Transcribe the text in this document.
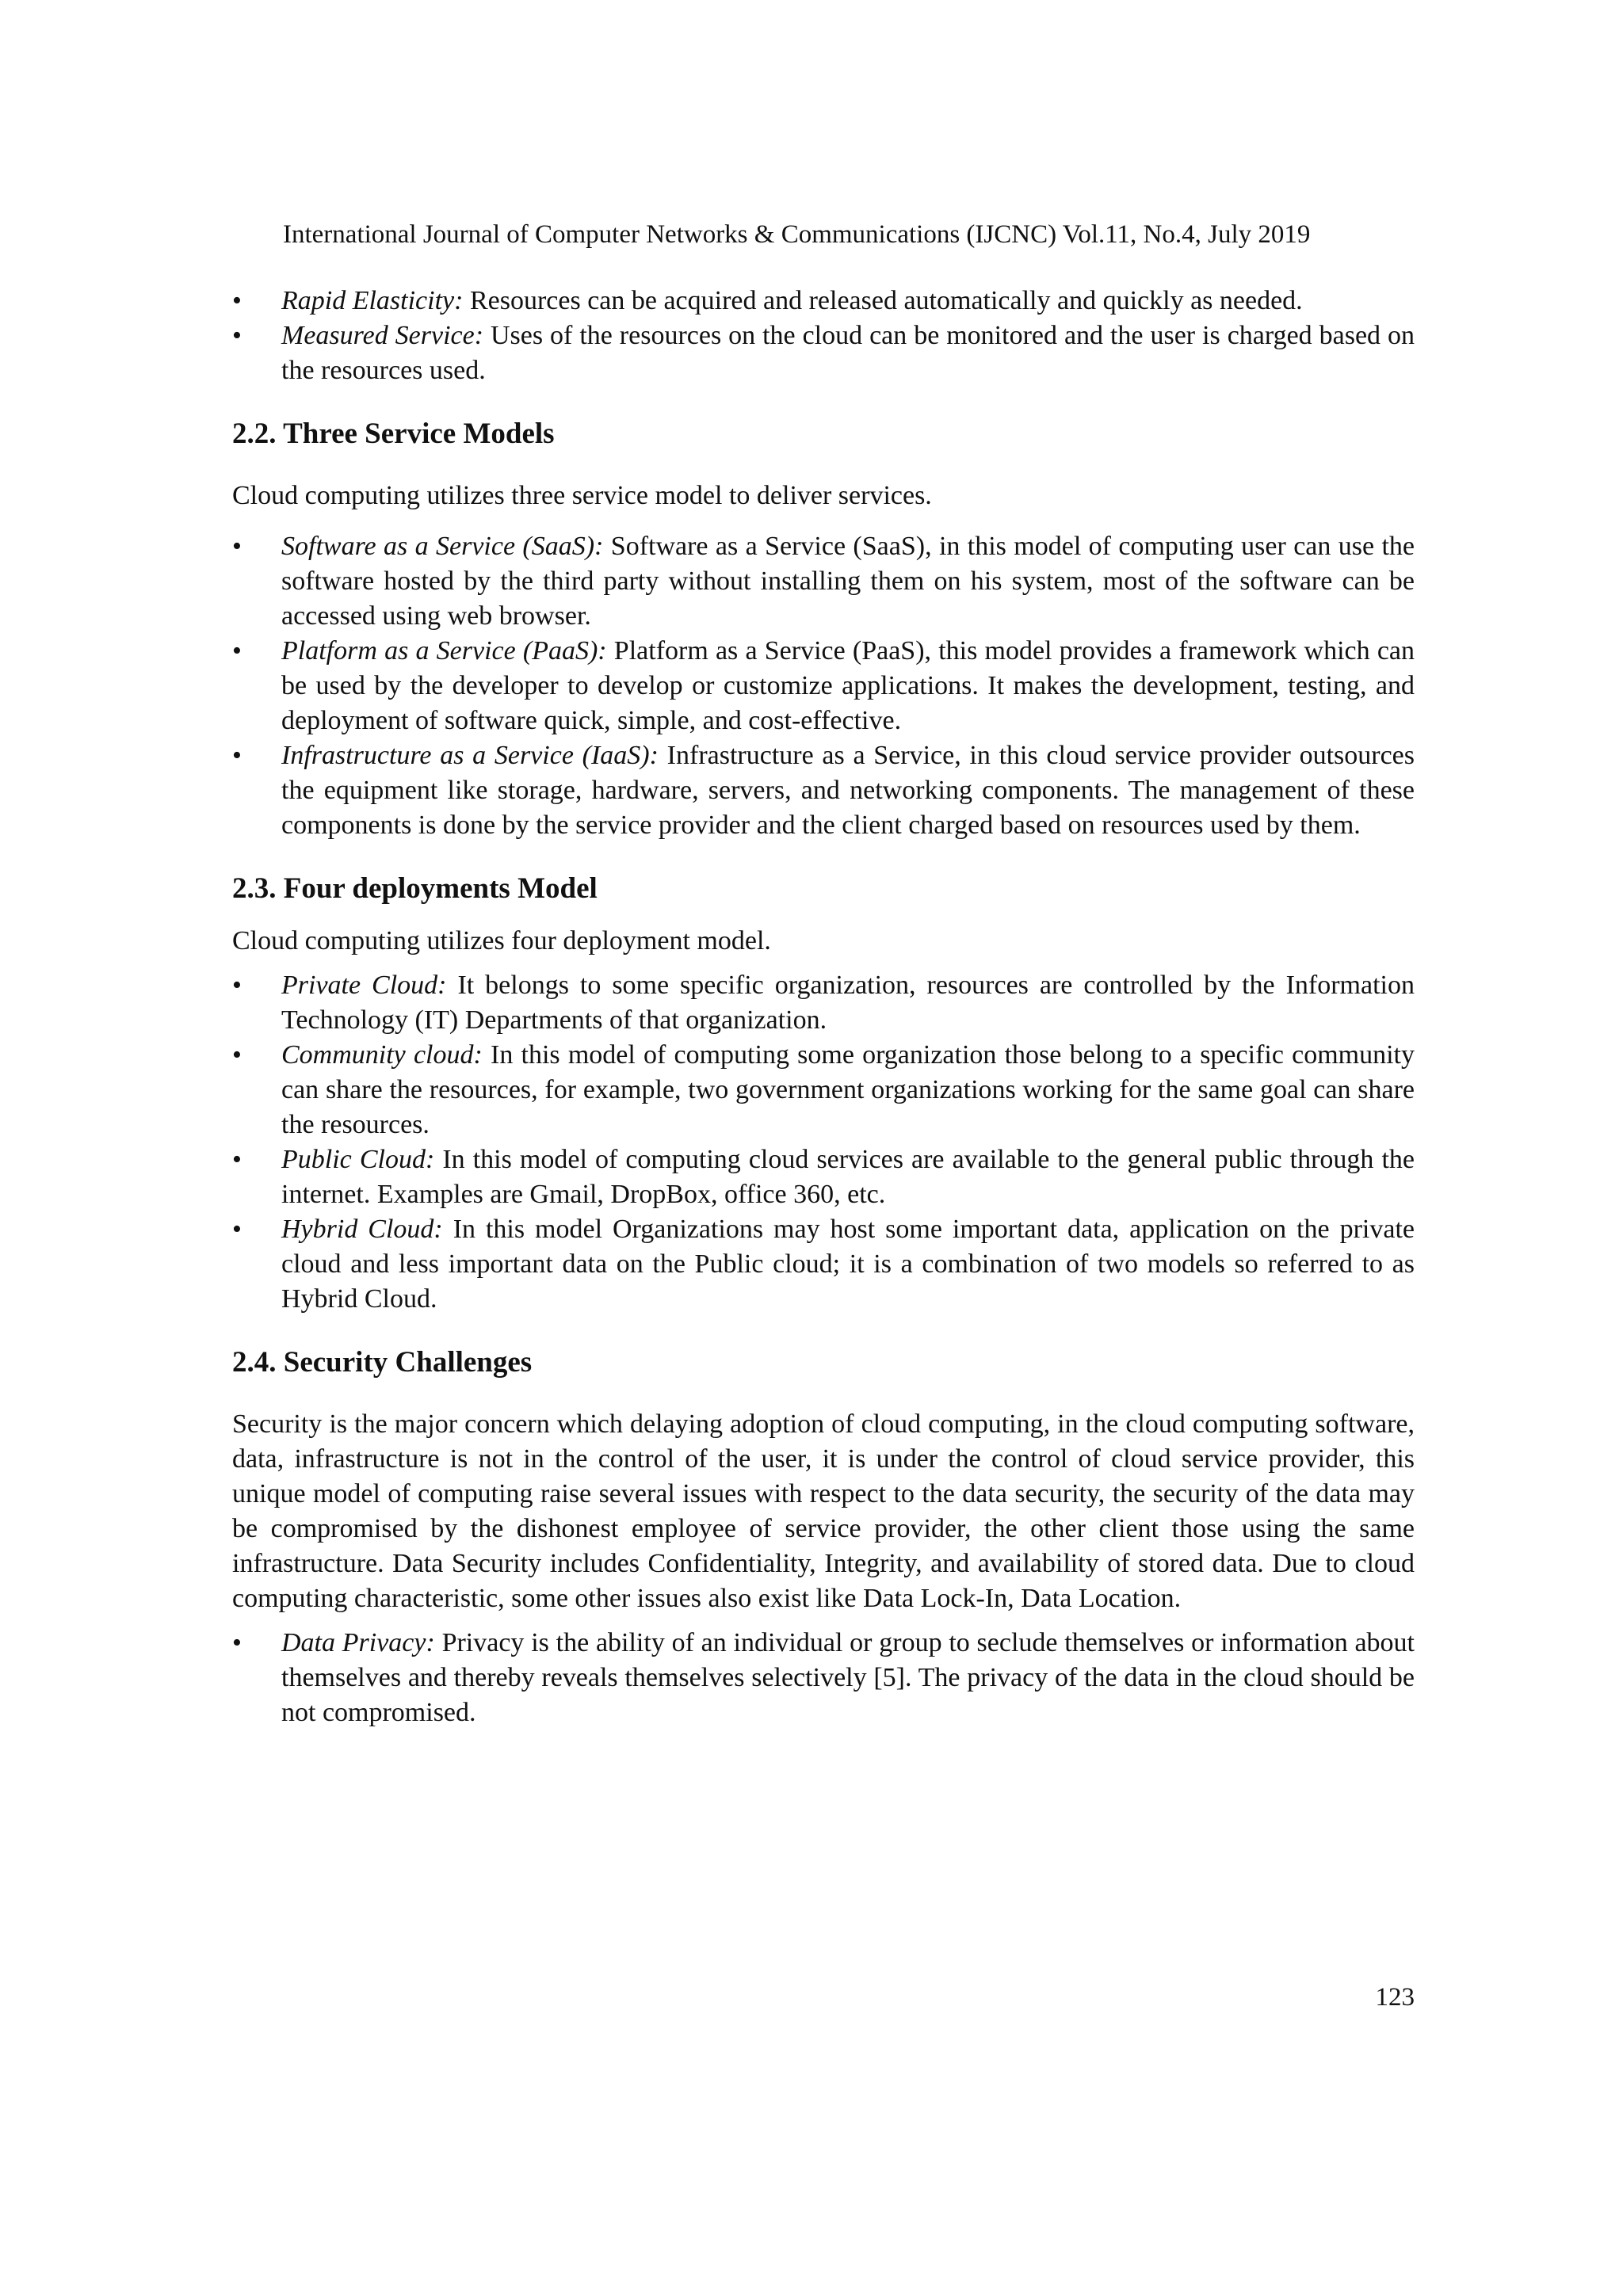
International Journal of Computer Networks & Communications (IJCNC) Vol.11, No.4, July 2019
•	Rapid Elasticity: Resources can be acquired and released automatically and quickly as needed.
•	Measured Service: Uses of the resources on the cloud can be monitored and the user is charged based on the resources used.
2.2. Three Service Models

Cloud computing utilizes three service model to deliver services.

•	Software as a Service (SaaS): Software as a Service (SaaS), in this model of computing user can use the software hosted by the third party without installing them on his system, most of the software can be accessed using web browser.
•	Platform as a Service (PaaS): Platform as a Service (PaaS), this model provides a framework which can be used by the developer to develop or customize applications. It makes the development, testing, and deployment of software quick, simple, and cost-effective.
•	Infrastructure as a Service (IaaS): Infrastructure as a Service, in this cloud service provider outsources the equipment like storage, hardware, servers, and networking components. The management of these components is done by the service provider and the client charged based on resources used by them.
2.3. Four deployments Model

Cloud computing utilizes four deployment model.

•	Private Cloud: It belongs to some specific organization, resources are controlled by the Information Technology (IT) Departments of that organization.
•	Community cloud: In this model of computing some organization those belong to a specific community can share the resources, for example, two government organizations working for the same goal can share the resources.
•	Public Cloud: In this model of computing cloud services are available to the general public through the internet. Examples are Gmail, DropBox, office 360, etc.
•	Hybrid Cloud: In this model Organizations may host some important data, application on the private cloud and less important data on the Public cloud; it is a combination of two models so referred to as Hybrid Cloud.
2.4. Security Challenges

Security is the major concern which delaying adoption of cloud computing, in the cloud computing software, data, infrastructure is not in the control of the user, it is under the control of cloud service provider, this unique model of computing raise several issues with respect to the data security, the security of the data may be compromised by the dishonest employee of service provider, the other client those using the same infrastructure. Data Security includes Confidentiality, Integrity, and availability of stored data. Due to cloud computing characteristic, some other issues also exist like Data Lock-In, Data Location.

•	Data Privacy: Privacy is the ability of an individual or group to seclude themselves or information about themselves and thereby reveals themselves selectively [5]. The privacy of the data in the cloud should be not compromised.
123
